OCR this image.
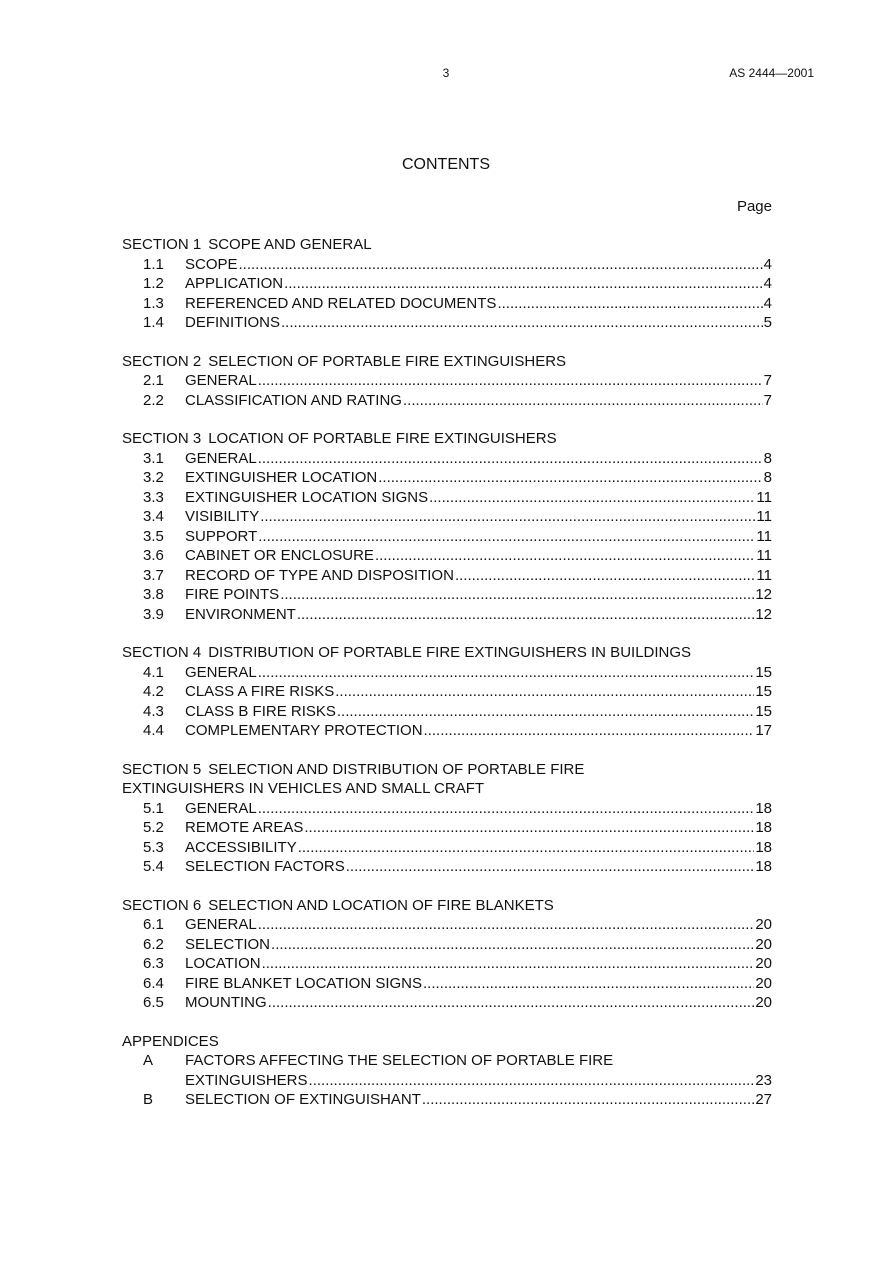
3	AS 2444—2001
CONTENTS
Page
SECTION 1 SCOPE AND GENERAL
1.1	SCOPE .....	4
1.2	APPLICATION .....	4
1.3	REFERENCED AND RELATED DOCUMENTS .....	4
1.4	DEFINITIONS .....	5
SECTION 2 SELECTION OF PORTABLE FIRE EXTINGUISHERS
2.1	GENERAL .....	7
2.2	CLASSIFICATION AND RATING .....	7
SECTION 3 LOCATION OF PORTABLE FIRE EXTINGUISHERS
3.1	GENERAL .....	8
3.2	EXTINGUISHER LOCATION .....	8
3.3	EXTINGUISHER LOCATION SIGNS .....	11
3.4	VISIBILITY .....	11
3.5	SUPPORT .....	11
3.6	CABINET OR ENCLOSURE .....	11
3.7	RECORD OF TYPE AND DISPOSITION .....	11
3.8	FIRE POINTS .....	12
3.9	ENVIRONMENT .....	12
SECTION 4 DISTRIBUTION OF PORTABLE FIRE EXTINGUISHERS IN BUILDINGS
4.1	GENERAL .....	15
4.2	CLASS A FIRE RISKS .....	15
4.3	CLASS B FIRE RISKS .....	15
4.4	COMPLEMENTARY PROTECTION .....	17
SECTION 5 SELECTION AND DISTRIBUTION OF PORTABLE FIRE
EXTINGUISHERS IN VEHICLES AND SMALL CRAFT
5.1	GENERAL .....	18
5.2	REMOTE AREAS .....	18
5.3	ACCESSIBILITY .....	18
5.4	SELECTION FACTORS .....	18
SECTION 6 SELECTION AND LOCATION OF FIRE BLANKETS
6.1	GENERAL .....	20
6.2	SELECTION .....	20
6.3	LOCATION .....	20
6.4	FIRE BLANKET LOCATION SIGNS .....	20
6.5	MOUNTING .....	20
APPENDICES
A	FACTORS AFFECTING THE SELECTION OF PORTABLE FIRE
EXTINGUISHERS .....	23
B	SELECTION OF EXTINGUISHANT .....	27
